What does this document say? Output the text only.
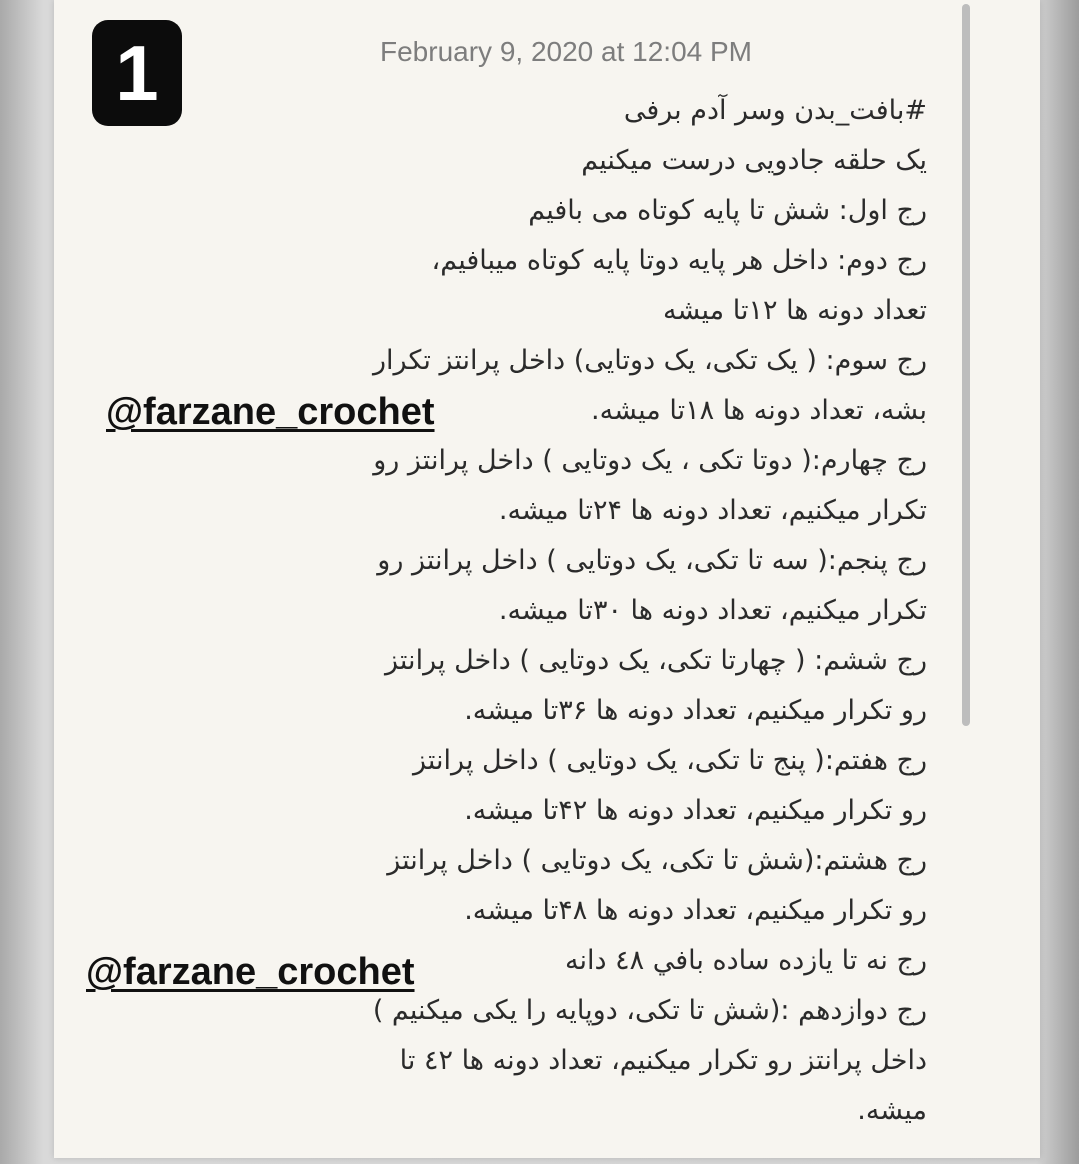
1	February 9, 2020 at 12:04 PM
#بافت_بدن وسر آدم برفی
یک حلقه جادویی درست میکنیم
رج اول: شش تا پایه کوتاه می بافیم
رج دوم: داخل هر پایه دوتا پایه کوتاه میبافیم،
تعداد دونه ها ۱۲تا میشه
رج سوم: ( یک تکی، یک دوتایی) داخل پرانتز تکرار
بشه، تعداد دونه ها ۱۸تا میشه.
رج چهارم:( دوتا تکی ، یک دوتایی ) داخل پرانتز رو
تکرار میکنیم، تعداد دونه ها ۲۴تا میشه.
رج پنجم:( سه تا تکی، یک دوتایی ) داخل پرانتز رو
تکرار میکنیم، تعداد دونه ها ۳۰تا میشه.
رج ششم: ( چهارتا تکی، یک دوتایی ) داخل پرانتز
رو تکرار میکنیم، تعداد دونه ها ۳۶تا میشه.
رج هفتم:( پنج تا تکی، یک دوتایی ) داخل پرانتز
رو تکرار میکنیم، تعداد دونه ها ۴۲تا میشه.
رج هشتم:(شش تا تکی، یک دوتایی ) داخل پرانتز
رو تکرار میکنیم، تعداد دونه ها ۴۸تا میشه.
رج نه تا یازده ساده بافي ٤٨ دانه
رج دوازدهم :(شش تا تکی، دوپایه را یکی میکنیم )
داخل پرانتز رو تکرار میکنیم، تعداد دونه ها ٤٢ تا
میشه.
@farzane_crochet
@farzane_crochet
